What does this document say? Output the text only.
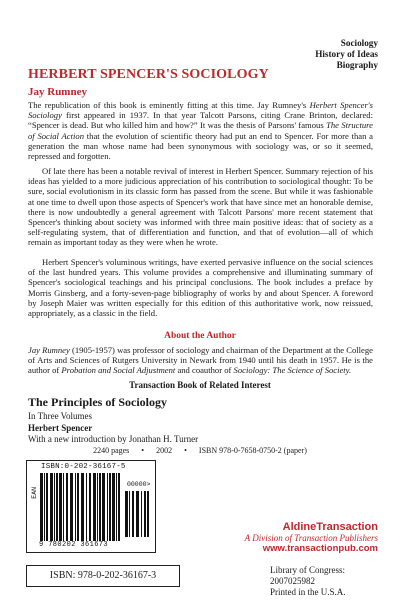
Sociology
History of Ideas
Biography
HERBERT SPENCER'S SOCIOLOGY
Jay Rumney

The republication of this book is eminently fitting at this time. Jay Rumney's Herbert Spencer's Sociology first appeared in 1937. In that year Talcott Parsons, citing Crane Brinton, declared: “Spencer is dead. But who killed him and how?” It was the thesis of Parsons' famous The Structure of Social Action that the evolution of scientific theory had put an end to Spencer. For more than a generation the man whose name had been synonymous with sociology was, or so it seemed, repressed and forgotten.

Of late there has been a notable revival of interest in Herbert Spencer. Summary rejection of his ideas has yielded to a more judicious appreciation of his contribution to sociological thought: To be sure, social evolutionism in its classic form has passed from the scene. But while it was fashionable at one time to dwell upon those aspects of Spencer's work that have since met an honorable demise, there is now undoubtedly a general agreement with Talcott Parsons' more recent statement that Spencer's thinking about society was informed with three main positive ideas: that of society as a self-regulating system, that of differentiation and function, and that of evolution—all of which remain as important today as they were when he wrote.

Herbert Spencer's voluminous writings, have exerted pervasive influence on the social sciences of the last hundred years. This volume provides a comprehensive and illuminating summary of Spencer's sociological teachings and his principal conclusions. The book includes a preface by Morris Ginsberg, and a forty-seven-page bibliography of works by and about Spencer. A foreword by Joseph Maier was written especially for this edition of this authoritative work, now reissued, appropriately, as a classic in the field.

About the Author

Jay Rumney (1905-1957) was professor of sociology and chairman of the Department at the College of Arts and Sciences of Rutgers University in Newark from 1940 until his death in 1957. He is the author of Probation and Social Adjustment and coauthor of Sociology: The Science of Society.

Transaction Book of Related Interest
The Principles of Sociology
In Three Volumes
Herbert Spencer
With a new introduction by Jonathan H. Turner
2240 pages • 2002 • ISBN 978-0-7658-0750-2 (paper)
ISBN:0-202-36167-5
EAN
00000>
9 780202 361673
ISBN: 978-0-202-36167-3
AldineTransaction
A Division of Transaction Publishers
www.transactionpub.com
Library of Congress: 2007025982
Printed in the U.S.A.
